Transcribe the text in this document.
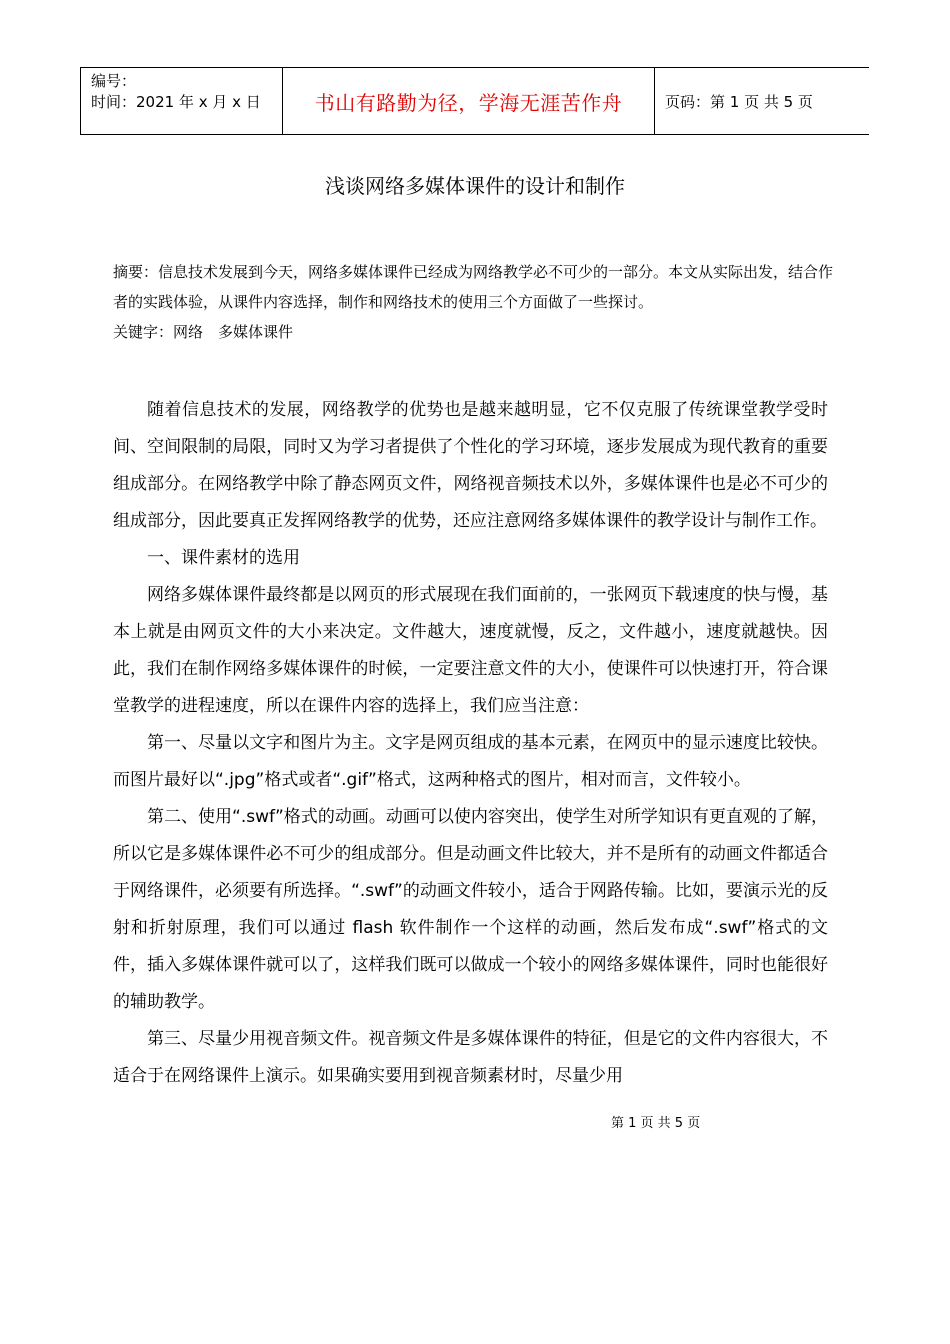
编号：
时间：2021 年 x 月 x 日	书山有路勤为径，学海无涯苦作舟	页码：第 1 页 共 5 页
浅谈网络多媒体课件的设计和制作

摘要：信息技术发展到今天，网络多媒体课件已经成为网络教学必不可少的一部分。本文从实际出发，结合作者的实践体验，从课件内容选择，制作和网络技术的使用三个方面做了一些探讨。

关键字：网络　多媒体课件

随着信息技术的发展，网络教学的优势也是越来越明显，它不仅克服了传统课堂教学受时间、空间限制的局限，同时又为学习者提供了个性化的学习环境，逐步发展成为现代教育的重要组成部分。在网络教学中除了静态网页文件，网络视音频技术以外，多媒体课件也是必不可少的组成部分，因此要真正发挥网络教学的优势，还应注意网络多媒体课件的教学设计与制作工作。

一、课件素材的选用

网络多媒体课件最终都是以网页的形式展现在我们面前的，一张网页下载速度的快与慢，基本上就是由网页文件的大小来决定。文件越大，速度就慢，反之，文件越小，速度就越快。因此，我们在制作网络多媒体课件的时候，一定要注意文件的大小，使课件可以快速打开，符合课堂教学的进程速度，所以在课件内容的选择上，我们应当注意：

第一、尽量以文字和图片为主。文字是网页组成的基本元素，在网页中的显示速度比较快。而图片最好以“.jpg”格式或者“.gif”格式，这两种格式的图片，相对而言，文件较小。

第二、使用“.swf”格式的动画。动画可以使内容突出，使学生对所学知识有更直观的了解，所以它是多媒体课件必不可少的组成部分。但是动画文件比较大，并不是所有的动画文件都适合于网络课件，必须要有所选择。“.swf”的动画文件较小，适合于网路传输。比如，要演示光的反射和折射原理，我们可以通过 flash 软件制作一个这样的动画，然后发布成“.swf”格式的文件，插入多媒体课件就可以了，这样我们既可以做成一个较小的网络多媒体课件，同时也能很好的辅助教学。

第三、尽量少用视音频文件。视音频文件是多媒体课件的特征，但是它的文件内容很大，不适合于在网络课件上演示。如果确实要用到视音频素材时，尽量少用

第 1 页 共 5 页
